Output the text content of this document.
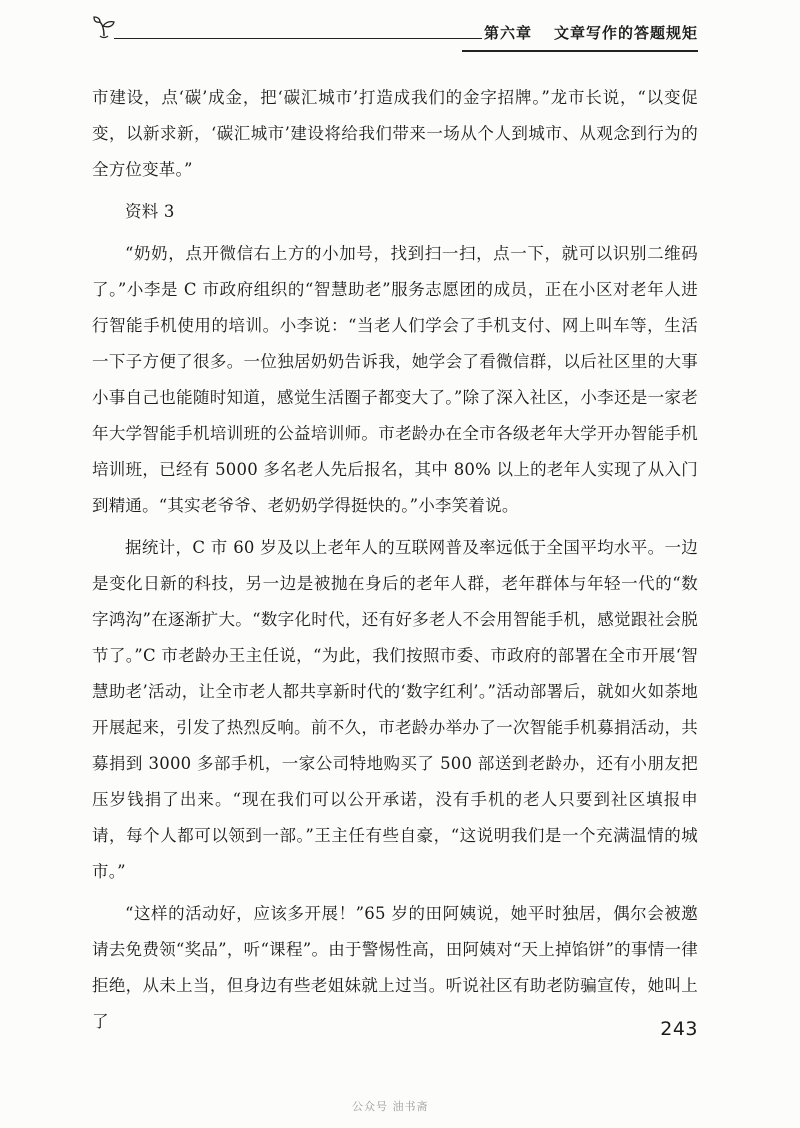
第六章 文章写作的答题规矩

市建设，点‘碳’成金，把‘碳汇城市’打造成我们的金字招牌。”龙市长说，“以变促变，以新求新，‘碳汇城市’建设将给我们带来一场从个人到城市、从观念到行为的全方位变革。”

资料 3

“奶奶，点开微信右上方的小加号，找到扫一扫，点一下，就可以识别二维码了。”小李是 C 市政府组织的“智慧助老”服务志愿团的成员，正在小区对老年人进行智能手机使用的培训。小李说：“当老人们学会了手机支付、网上叫车等，生活一下子方便了很多。一位独居奶奶告诉我，她学会了看微信群，以后社区里的大事小事自己也能随时知道，感觉生活圈子都变大了。”除了深入社区，小李还是一家老年大学智能手机培训班的公益培训师。市老龄办在全市各级老年大学开办智能手机培训班，已经有 5000 多名老人先后报名，其中 80% 以上的老年人实现了从入门到精通。“其实老爷爷、老奶奶学得挺快的。”小李笑着说。

据统计，C 市 60 岁及以上老年人的互联网普及率远低于全国平均水平。一边是变化日新的科技，另一边是被抛在身后的老年人群，老年群体与年轻一代的“数字鸿沟”在逐渐扩大。“数字化时代，还有好多老人不会用智能手机，感觉跟社会脱节了。”C 市老龄办王主任说，“为此，我们按照市委、市政府的部署在全市开展‘智慧助老’活动，让全市老人都共享新时代的‘数字红利’。”活动部署后，就如火如荼地开展起来，引发了热烈反响。前不久，市老龄办举办了一次智能手机募捐活动，共募捐到 3000 多部手机，一家公司特地购买了 500 部送到老龄办，还有小朋友把压岁钱捐了出来。“现在我们可以公开承诺，没有手机的老人只要到社区填报申请，每个人都可以领到一部。”王主任有些自豪，“这说明我们是一个充满温情的城市。”

“这样的活动好，应该多开展！”65 岁的田阿姨说，她平时独居，偶尔会被邀请去免费领“奖品”，听“课程”。由于警惕性高，田阿姨对“天上掉馅饼”的事情一律拒绝，从未上当，但身边有些老姐妹就上过当。听说社区有助老防骗宣传，她叫上了	243
公众号 油书斋
